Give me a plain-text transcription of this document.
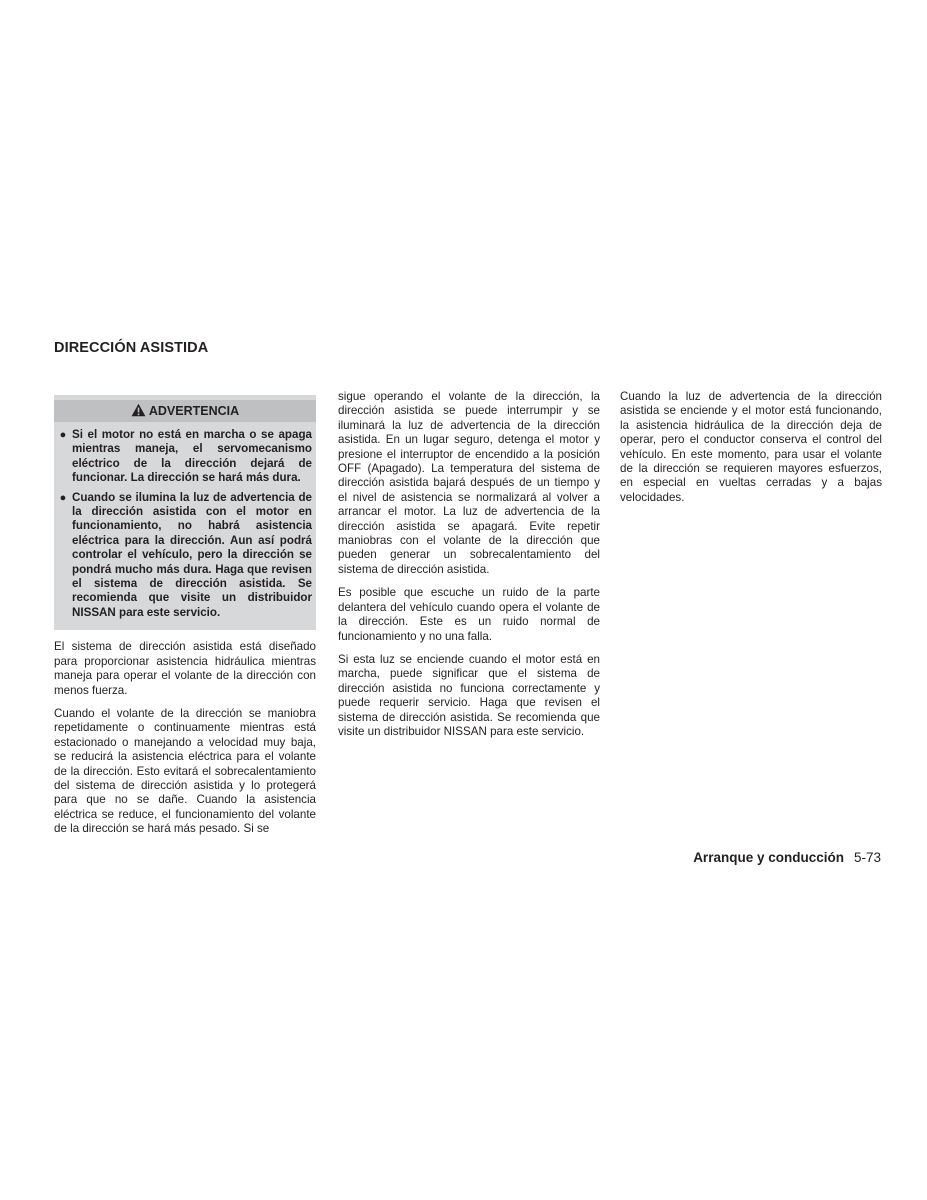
DIRECCIÓN ASISTIDA
ADVERTENCIA
● Si el motor no está en marcha o se apaga mientras maneja, el servomecanismo eléctrico de la dirección dejará de funcionar. La dirección se hará más dura.
● Cuando se ilumina la luz de advertencia de la dirección asistida con el motor en funcionamiento, no habrá asistencia eléctrica para la dirección. Aun así podrá controlar el vehículo, pero la dirección se pondrá mucho más dura. Haga que revisen el sistema de dirección asistida. Se recomienda que visite un distribuidor NISSAN para este servicio.

El sistema de dirección asistida está diseñado para proporcionar asistencia hidráulica mientras maneja para operar el volante de la dirección con menos fuerza.

Cuando el volante de la dirección se maniobra repetidamente o continuamente mientras está estacionado o manejando a velocidad muy baja, se reducirá la asistencia eléctrica para el volante de la dirección. Esto evitará el sobrecalentamiento del sistema de dirección asistida y lo protegerá para que no se dañe. Cuando la asistencia eléctrica se reduce, el funcionamiento del volante de la dirección se hará más pesado. Si se

sigue operando el volante de la dirección, la dirección asistida se puede interrumpir y se iluminará la luz de advertencia de la dirección asistida. En un lugar seguro, detenga el motor y presione el interruptor de encendido a la posición OFF (Apagado). La temperatura del sistema de dirección asistida bajará después de un tiempo y el nivel de asistencia se normalizará al volver a arrancar el motor. La luz de advertencia de la dirección asistida se apagará. Evite repetir maniobras con el volante de la dirección que pueden generar un sobrecalentamiento del sistema de dirección asistida.

Es posible que escuche un ruido de la parte delantera del vehículo cuando opera el volante de la dirección. Este es un ruido normal de funcionamiento y no una falla.

Si esta luz se enciende cuando el motor está en marcha, puede significar que el sistema de dirección asistida no funciona correctamente y puede requerir servicio. Haga que revisen el sistema de dirección asistida. Se recomienda que visite un distribuidor NISSAN para este servicio.

Cuando la luz de advertencia de la dirección asistida se enciende y el motor está funcionando, la asistencia hidráulica de la dirección deja de operar, pero el conductor conserva el control del vehículo. En este momento, para usar el volante de la dirección se requieren mayores esfuerzos, en especial en vueltas cerradas y a bajas velocidades.

Arranque y conducción 5-73
